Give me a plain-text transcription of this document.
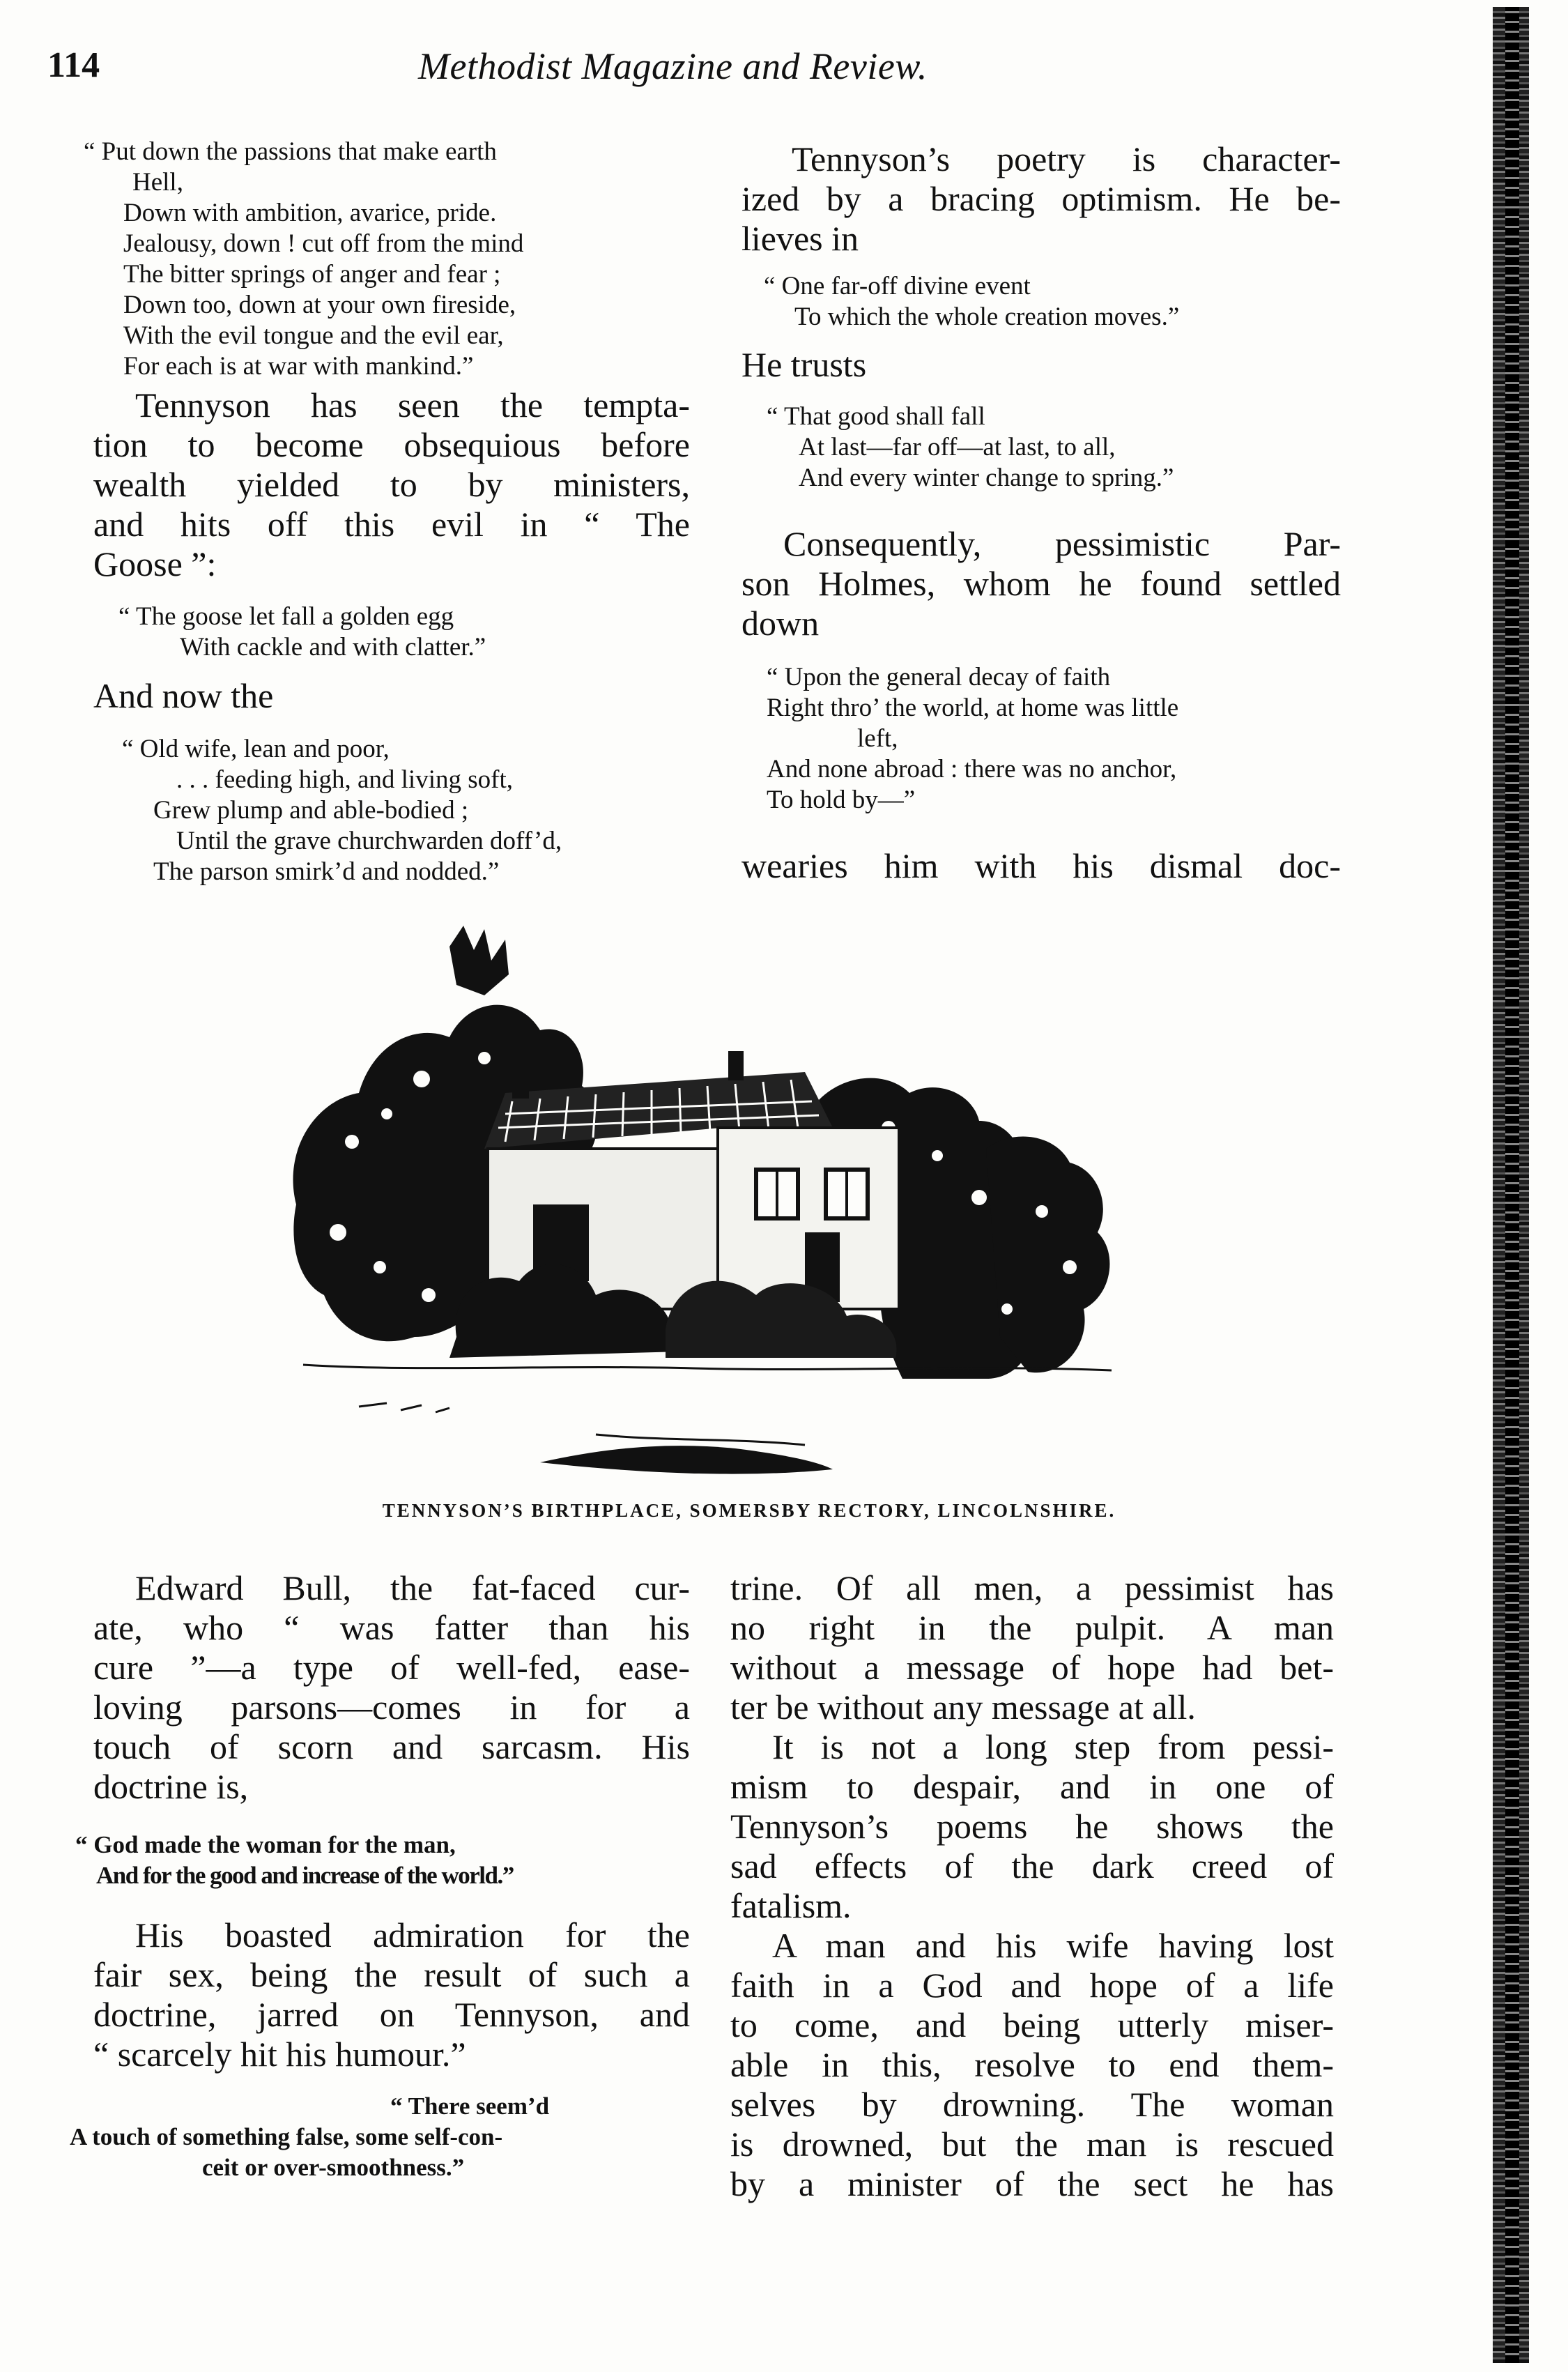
114	Methodist Magazine and Review.
“ Put down the passions that make earth
Hell,
Down with ambition, avarice, pride.
Jealousy, down ! cut off from the mind
The bitter springs of anger and fear ;
Down too, down at your own fireside,
With the evil tongue and the evil ear,
For each is at war with mankind.”
Tennyson has seen the tempta-
tion to become obsequious before
wealth yielded to by ministers,
and hits off this evil in “ The
Goose ”:
“ The goose let fall a golden egg
With cackle and with clatter.”
And now the
“ Old wife, lean and poor,
. . . feeding high, and living soft,
Grew plump and able-bodied ;
Until the grave churchwarden doff’d,
The parson smirk’d and nodded.”
Tennyson’s poetry is character-
ized by a bracing optimism. He be-
lieves in
“ One far-off divine event
To which the whole creation moves.”
He trusts
“ That good shall fall
At last—far off—at last, to all,
And every winter change to spring.”
Consequently, pessimistic Par-
son Holmes, whom he found settled
down
“ Upon the general decay of faith
Right thro’ the world, at home was little
left,
And none abroad : there was no anchor,
To hold by—”
wearies him with his dismal doc-
TENNYSON’S BIRTHPLACE, SOMERSBY RECTORY, LINCOLNSHIRE.
Edward Bull, the fat-faced cur-
ate, who “ was fatter than his
cure ”—a type of well-fed, ease-
loving parsons—comes in for a
touch of scorn and sarcasm. His
doctrine is,
“ God made the woman for the man,
And for the good and increase of the world.”
His boasted admiration for the
fair sex, being the result of such a
doctrine, jarred on Tennyson, and
“ scarcely hit his humour.”
“ There seem’d
A touch of something false, some self-con-
ceit or over-smoothness.”
trine. Of all men, a pessimist has
no right in the pulpit. A man
without a message of hope had bet-
ter be without any message at all.
It is not a long step from pessi-
mism to despair, and in one of
Tennyson’s poems he shows the
sad effects of the dark creed of
fatalism.
A man and his wife having lost
faith in a God and hope of a life
to come, and being utterly miser-
able in this, resolve to end them-
selves by drowning. The woman
is drowned, but the man is rescued
by a minister of the sect he has
